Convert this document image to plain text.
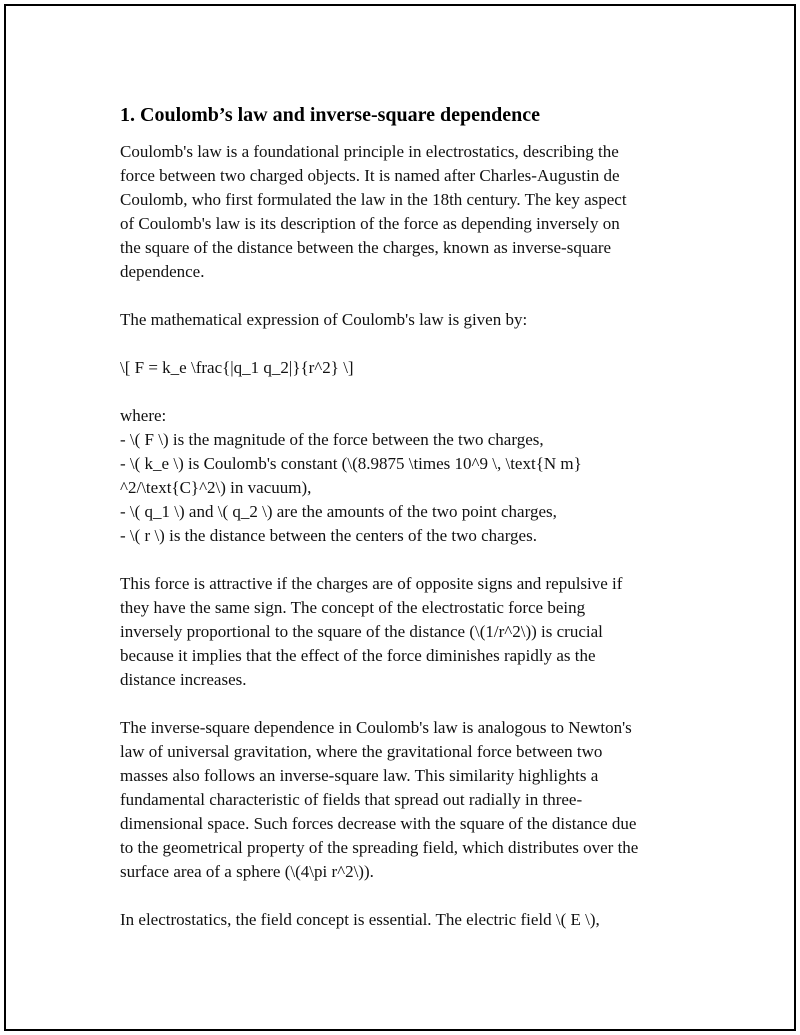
1. Coulomb’s law and inverse-square dependence

Coulomb's law is a foundational principle in electrostatics, describing the
force between two charged objects. It is named after Charles-Augustin de
Coulomb, who first formulated the law in the 18th century. The key aspect
of Coulomb's law is its description of the force as depending inversely on
the square of the distance between the charges, known as inverse-square
dependence.

The mathematical expression of Coulomb's law is given by:

\[ F = k_e \frac{|q_1 q_2|}{r^2} \]

where:
- \( F \) is the magnitude of the force between the two charges,
- \( k_e \) is Coulomb's constant (\(8.9875 \times 10^9 \, \text{N m}
^2/\text{C}^2\) in vacuum),
- \( q_1 \) and \( q_2 \) are the amounts of the two point charges,
- \( r \) is the distance between the centers of the two charges.

This force is attractive if the charges are of opposite signs and repulsive if
they have the same sign. The concept of the electrostatic force being
inversely proportional to the square of the distance (\(1/r^2\)) is crucial
because it implies that the effect of the force diminishes rapidly as the
distance increases.

The inverse-square dependence in Coulomb's law is analogous to Newton's
law of universal gravitation, where the gravitational force between two
masses also follows an inverse-square law. This similarity highlights a
fundamental characteristic of fields that spread out radially in three-
dimensional space. Such forces decrease with the square of the distance due
to the geometrical property of the spreading field, which distributes over the
surface area of a sphere (\(4\pi r^2\)).

In electrostatics, the field concept is essential. The electric field \( E \),
